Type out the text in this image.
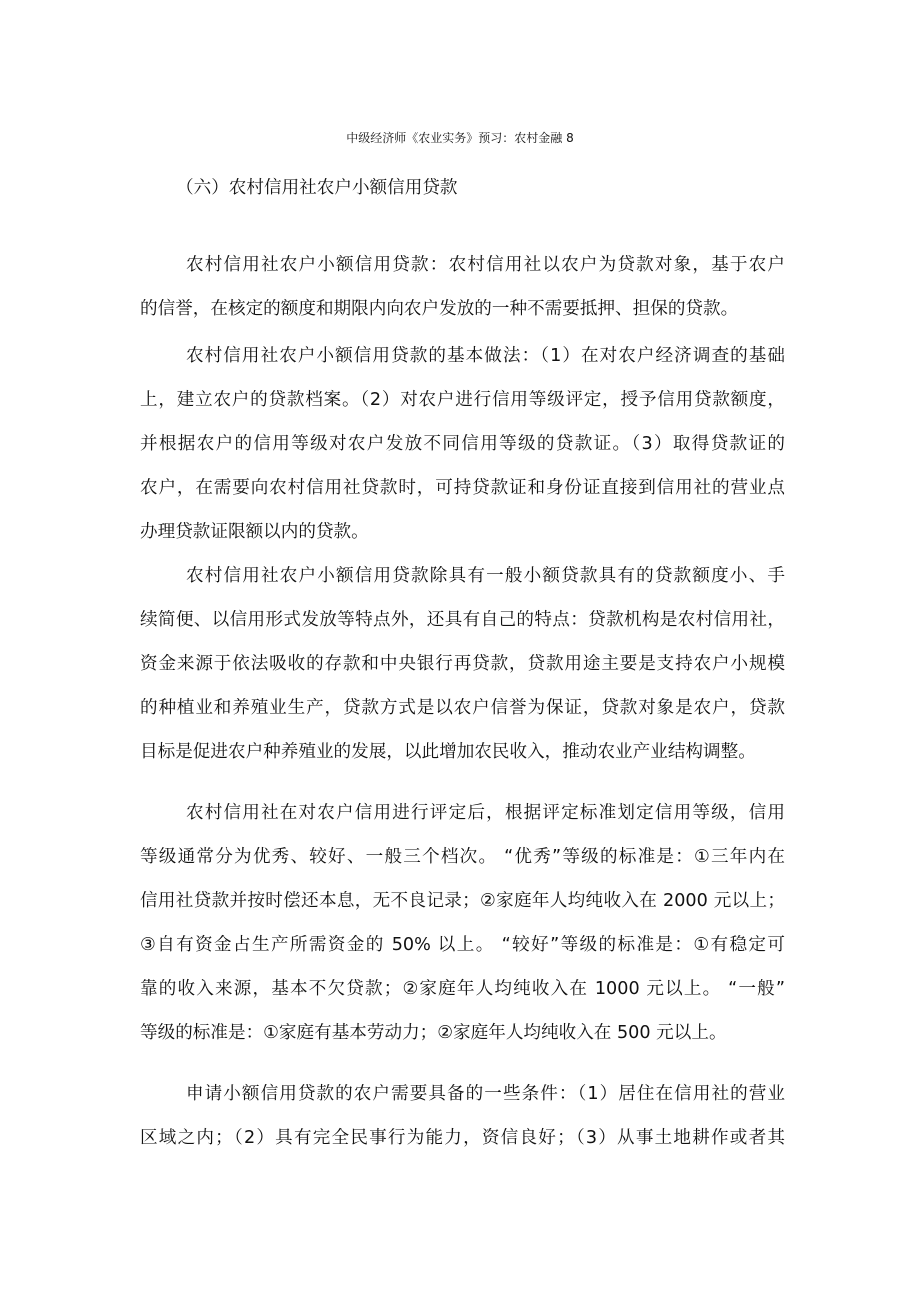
中级经济师《农业实务》预习：农村金融 8
（六）农村信用社农户小额信用贷款
农村信用社农户小额信用贷款：农村信用社以农户为贷款对象，基于农户
的信誉，在核定的额度和期限内向农户发放的一种不需要抵押、担保的贷款。
农村信用社农户小额信用贷款的基本做法：（1）在对农户经济调查的基础
上，建立农户的贷款档案。（2）对农户进行信用等级评定，授予信用贷款额度，
并根据农户的信用等级对农户发放不同信用等级的贷款证。（3）取得贷款证的
农户，在需要向农村信用社贷款时，可持贷款证和身份证直接到信用社的营业点
办理贷款证限额以内的贷款。
农村信用社农户小额信用贷款除具有一般小额贷款具有的贷款额度小、手
续简便、以信用形式发放等特点外，还具有自己的特点：贷款机构是农村信用社，
资金来源于依法吸收的存款和中央银行再贷款，贷款用途主要是支持农户小规模
的种植业和养殖业生产，贷款方式是以农户信誉为保证，贷款对象是农户，贷款
目标是促进农户种养殖业的发展，以此增加农民收入，推动农业产业结构调整。
农村信用社在对农户信用进行评定后，根据评定标准划定信用等级，信用
等级通常分为优秀、较好、一般三个档次。 “优秀”等级的标准是：①三年内在
信用社贷款并按时偿还本息，无不良记录；②家庭年人均纯收入在 2000 元以上；
③自有资金占生产所需资金的 50% 以上。 “较好”等级的标准是：①有稳定可
靠的收入来源，基本不欠贷款；②家庭年人均纯收入在 1000 元以上。 “一般”
等级的标准是：①家庭有基本劳动力；②家庭年人均纯收入在 500 元以上。
申请小额信用贷款的农户需要具备的一些条件：（1）居住在信用社的营业
区域之内；（2）具有完全民事行为能力，资信良好；（3）从事土地耕作或者其
